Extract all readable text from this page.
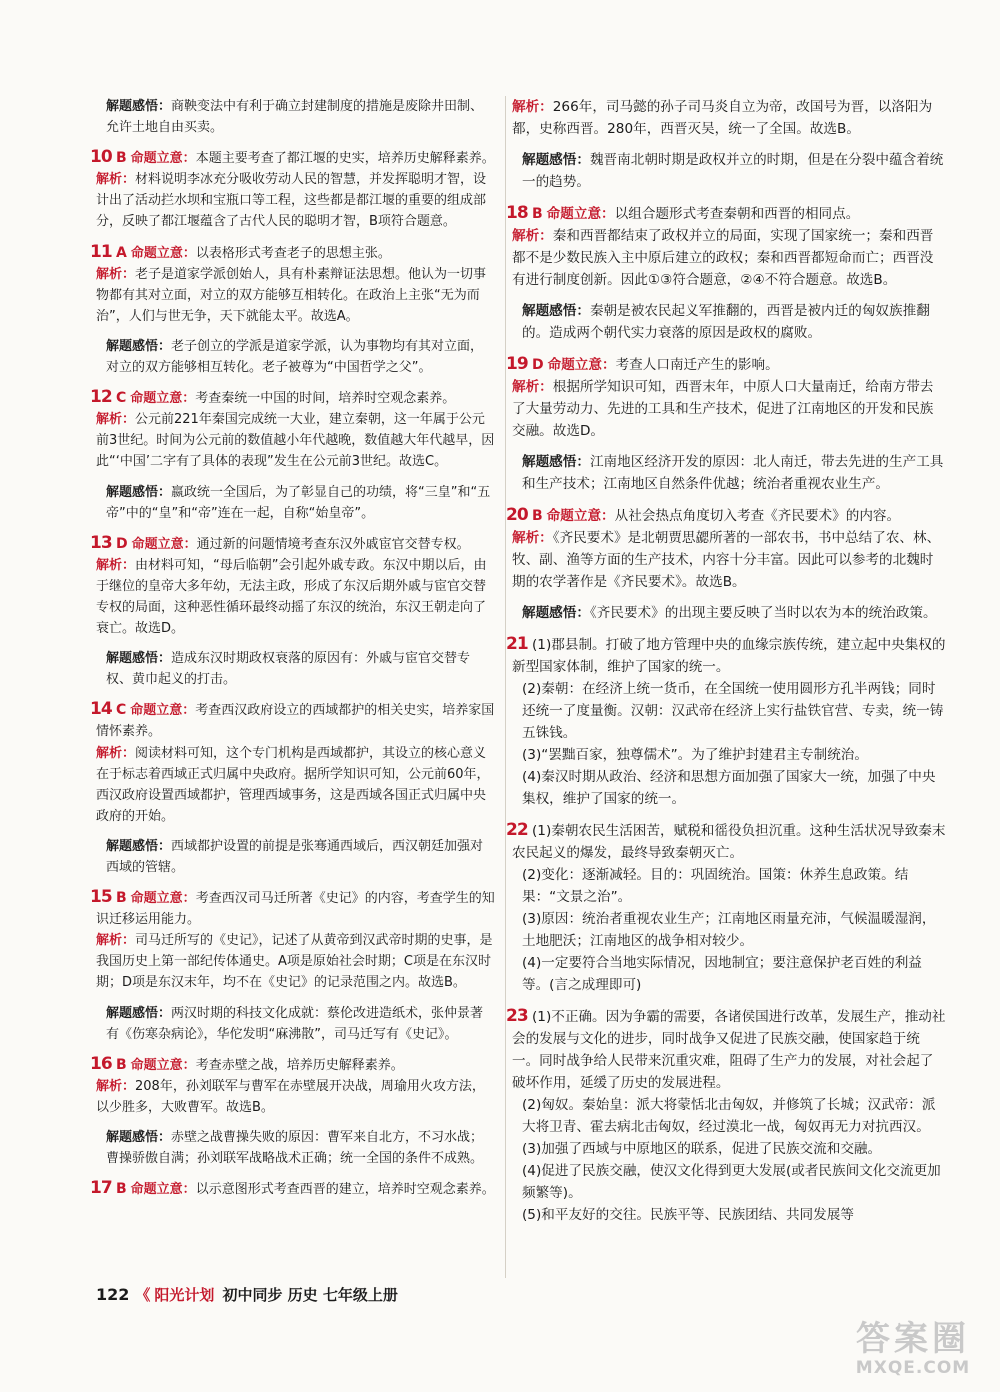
解题感悟：商鞅变法中有利于确立封建制度的措施是废除井田制、允许土地自由买卖。
10 B 命题立意：本题主要考查了都江堰的史实，培养历史解释素养。
解析：材料说明李冰充分吸收劳动人民的智慧，并发挥聪明才智，设计出了活动拦水坝和宝瓶口等工程，这些都是都江堰的重要的组成部分，反映了都江堰蕴含了古代人民的聪明才智，B项符合题意。
11 A 命题立意：以表格形式考查老子的思想主张。
解析：老子是道家学派创始人，具有朴素辩证法思想。他认为一切事物都有其对立面，对立的双方能够互相转化。在政治上主张“无为而治”，人们与世无争，天下就能太平。故选A。
解题感悟：老子创立的学派是道家学派，认为事物均有其对立面，对立的双方能够相互转化。老子被尊为“中国哲学之父”。
12 C 命题立意：考查秦统一中国的时间，培养时空观念素养。
解析：公元前221年秦国完成统一大业，建立秦朝，这一年属于公元前3世纪。时间为公元前的数值越小年代越晚，数值越大年代越早，因此“‘中国’二字有了具体的表现”发生在公元前3世纪。故选C。
解题感悟：嬴政统一全国后，为了彰显自己的功绩，将“三皇”和“五帝”中的“皇”和“帝”连在一起，自称“始皇帝”。
13 D 命题立意：通过新的问题情境考查东汉外戚宦官交替专权。
解析：由材料可知，“母后临朝”会引起外戚专政。东汉中期以后，由于继位的皇帝大多年幼，无法主政，形成了东汉后期外戚与宦官交替专权的局面，这种恶性循环最终动摇了东汉的统治，东汉王朝走向了衰亡。故选D。
解题感悟：造成东汉时期政权衰落的原因有：外戚与宦官交替专权、黄巾起义的打击。
14 C 命题立意：考查西汉政府设立的西域都护的相关史实，培养家国情怀素养。
解析：阅读材料可知，这个专门机构是西域都护，其设立的核心意义在于标志着西域正式归属中央政府。据所学知识可知，公元前60年，西汉政府设置西域都护，管理西域事务，这是西域各国正式归属中央政府的开始。
解题感悟：西域都护设置的前提是张骞通西域后，西汉朝廷加强对西域的管辖。
15 B 命题立意：考查西汉司马迁所著《史记》的内容，考查学生的知识迁移运用能力。
解析：司马迁所写的《史记》，记述了从黄帝到汉武帝时期的史事，是我国历史上第一部纪传体通史。A项是原始社会时期；C项是在东汉时期；D项是东汉末年，均不在《史记》的记录范围之内。故选B。
解题感悟：两汉时期的科技文化成就：蔡伦改进造纸术，张仲景著有《伤寒杂病论》，华佗发明“麻沸散”，司马迁写有《史记》。
16 B 命题立意：考查赤壁之战，培养历史解释素养。
解析：208年，孙刘联军与曹军在赤壁展开决战，周瑜用火攻方法，以少胜多，大败曹军。故选B。
解题感悟：赤壁之战曹操失败的原因：曹军来自北方，不习水战；曹操骄傲自满；孙刘联军战略战术正确；统一全国的条件不成熟。
17 B 命题立意：以示意图形式考查西晋的建立，培养时空观念素养。
解析：266年，司马懿的孙子司马炎自立为帝，改国号为晋，以洛阳为都，史称西晋。280年，西晋灭吴，统一了全国。故选B。
解题感悟：魏晋南北朝时期是政权并立的时期，但是在分裂中蕴含着统一的趋势。
18 B 命题立意：以组合题形式考查秦朝和西晋的相同点。
解析：秦和西晋都结束了政权并立的局面，实现了国家统一；秦和西晋都不是少数民族入主中原后建立的政权；秦和西晋都短命而亡；西晋没有进行制度创新。因此①③符合题意，②④不符合题意。故选B。
解题感悟：秦朝是被农民起义军推翻的，西晋是被内迁的匈奴族推翻的。造成两个朝代实力衰落的原因是政权的腐败。
19 D 命题立意：考查人口南迁产生的影响。
解析：根据所学知识可知，西晋末年，中原人口大量南迁，给南方带去了大量劳动力、先进的工具和生产技术，促进了江南地区的开发和民族交融。故选D。
解题感悟：江南地区经济开发的原因：北人南迁，带去先进的生产工具和生产技术；江南地区自然条件优越；统治者重视农业生产。
20 B 命题立意：从社会热点角度切入考查《齐民要术》的内容。
解析：《齐民要术》是北朝贾思勰所著的一部农书，书中总结了农、林、牧、副、渔等方面的生产技术，内容十分丰富。因此可以参考的北魏时期的农学著作是《齐民要术》。故选B。
解题感悟：《齐民要术》的出现主要反映了当时以农为本的统治政策。
21 (1)郡县制。打破了地方管理中央的血缘宗族传统，建立起中央集权的新型国家体制，维护了国家的统一。
(2)秦朝：在经济上统一货币，在全国统一使用圆形方孔半两钱；同时还统一了度量衡。汉朝：汉武帝在经济上实行盐铁官营、专卖，统一铸五铢钱。
(3)“罢黜百家，独尊儒术”。为了维护封建君主专制统治。
(4)秦汉时期从政治、经济和思想方面加强了国家大一统，加强了中央集权，维护了国家的统一。
22 (1)秦朝农民生活困苦，赋税和徭役负担沉重。这种生活状况导致秦末农民起义的爆发，最终导致秦朝灭亡。
(2)变化：逐渐减轻。目的：巩固统治。国策：休养生息政策。结果：“文景之治”。
(3)原因：统治者重视农业生产；江南地区雨量充沛，气候温暖湿润，土地肥沃；江南地区的战争相对较少。
(4)一定要符合当地实际情况，因地制宜；要注意保护老百姓的利益等。(言之成理即可)
23 (1)不正确。因为争霸的需要，各诸侯国进行改革，发展生产，推动社会的发展与文化的进步，同时战争又促进了民族交融，使国家趋于统一。同时战争给人民带来沉重灾难，阻碍了生产力的发展，对社会起了破坏作用，延缓了历史的发展进程。
(2)匈奴。秦始皇：派大将蒙恬北击匈奴，并修筑了长城；汉武帝：派大将卫青、霍去病北击匈奴，经过漠北一战，匈奴再无力对抗西汉。
(3)加强了西域与中原地区的联系，促进了民族交流和交融。
(4)促进了民族交融，使汉文化得到更大发展(或者民族间文化交流更加频繁等)。
(5)和平友好的交往。民族平等、民族团结、共同发展等
122 《 阳光计划 初中同步 历史 七年级上册
答案圈
MXQE.COM
